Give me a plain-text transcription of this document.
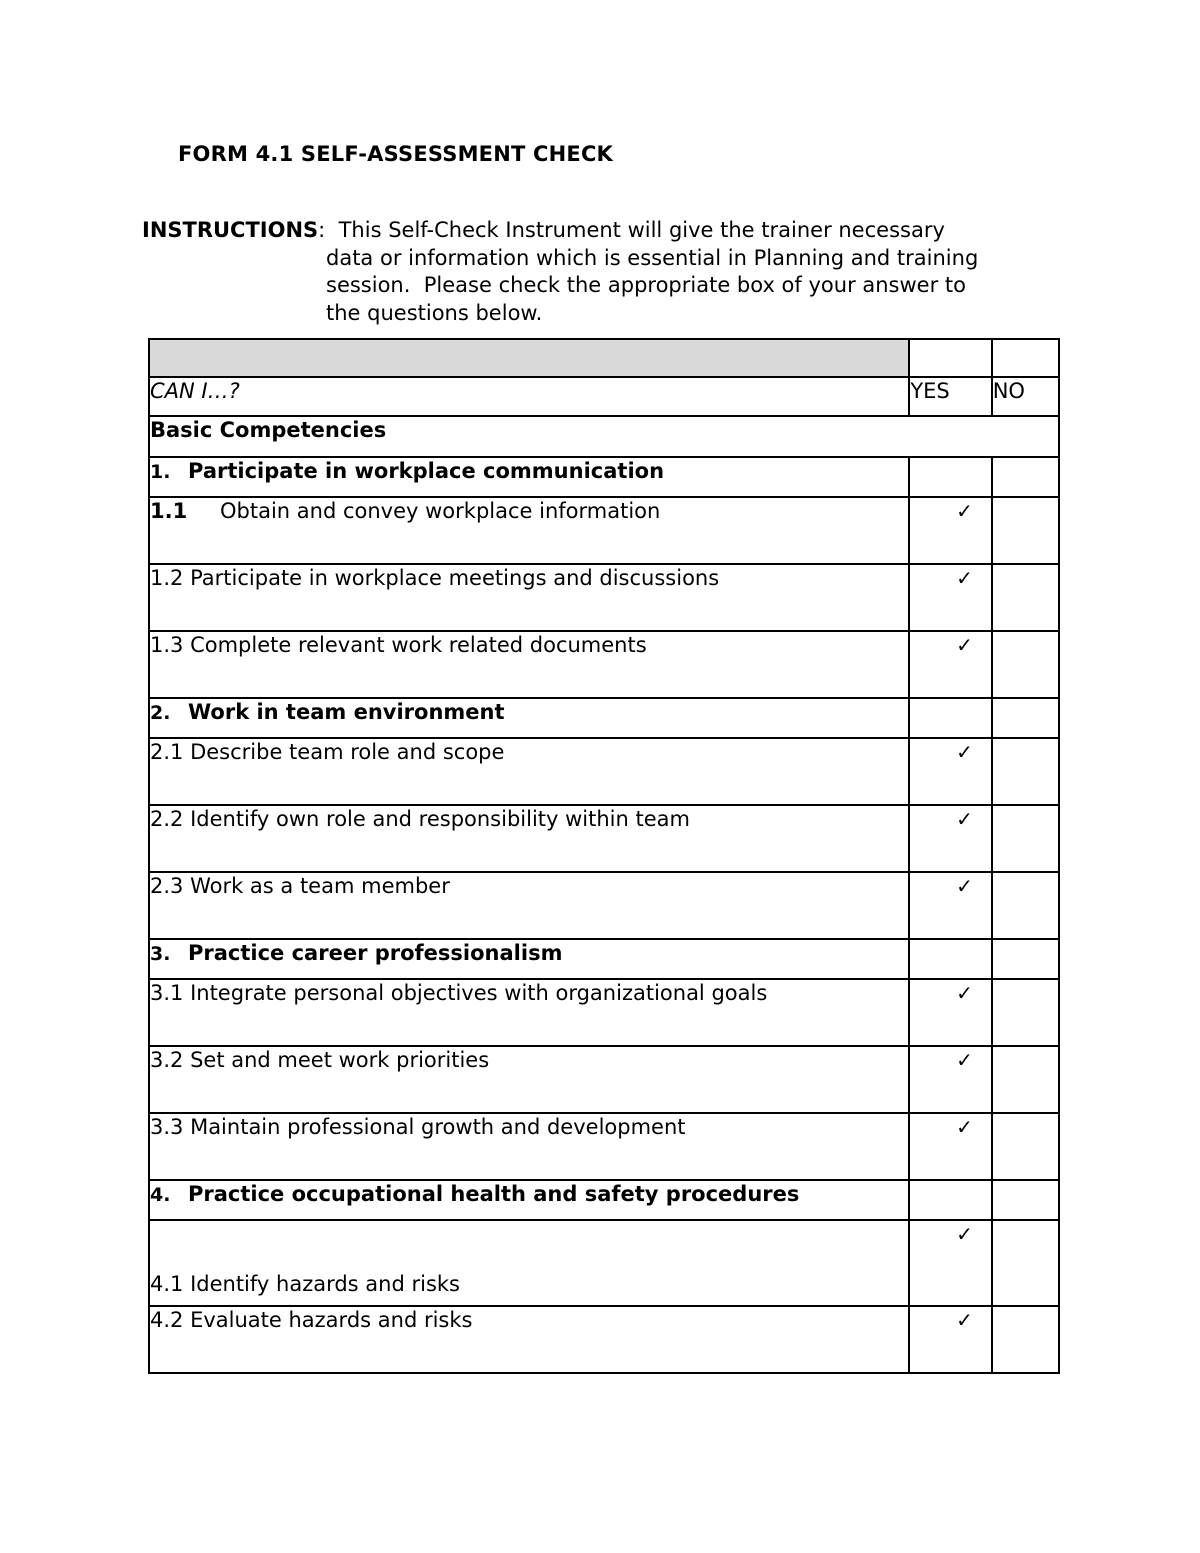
FORM 4.1 SELF-ASSESSMENT CHECK
INSTRUCTIONS:  This Self-Check Instrument will give the trainer necessary
data or information which is essential in Planning and training
session.  Please check the appropriate box of your answer to
the questions below.

CAN I…?	YES	NO
Basic Competencies		
1. Participate in workplace communication		
1.1 Obtain and convey workplace information	✓	
1.2 Participate in workplace meetings and discussions	✓	
1.3 Complete relevant work related documents	✓	
2. Work in team environment		
2.1 Describe team role and scope	✓	
2.2 Identify own role and responsibility within team	✓	
2.3 Work as a team member	✓	
3. Practice career professionalism		
3.1 Integrate personal objectives with organizational goals	✓	
3.2 Set and meet work priorities	✓	
3.3 Maintain professional growth and development	✓	
4. Practice occupational health and safety procedures		
4.1 Identify hazards and risks	✓	
4.2 Evaluate hazards and risks	✓	
